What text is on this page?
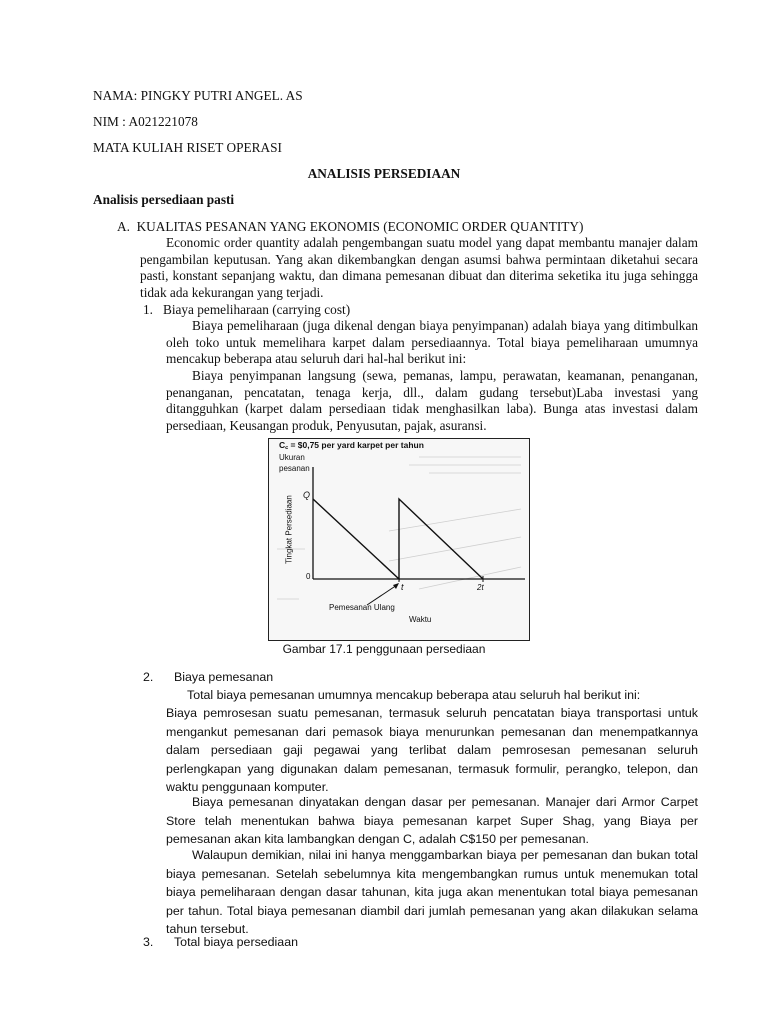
NAMA: PINGKY PUTRI ANGEL. AS
NIM : A021221078
MATA KULIAH RISET OPERASI
ANALISIS PERSEDIAAN
Analisis persediaan pasti
A.  KUALITAS PESANAN YANG EKONOMIS (ECONOMIC ORDER QUANTITY)
Economic order quantity adalah pengembangan suatu model yang dapat membantu manajer dalam pengambilan keputusan. Yang akan dikembangkan dengan asumsi bahwa permintaan diketahui secara pasti, konstant sepanjang waktu, dan dimana pemesanan dibuat dan diterima seketika itu juga sehingga tidak ada kekurangan yang terjadi.
1.   Biaya pemeliharaan (carrying cost)
Biaya pemeliharaan (juga dikenal dengan biaya penyimpanan) adalah biaya yang ditimbulkan oleh toko untuk memelihara karpet dalam persediaannya. Total biaya pemeliharaan umumnya mencakup beberapa atau seluruh dari hal-hal berikut ini:
Biaya penyimpanan langsung (sewa, pemanas, lampu, perawatan, keamanan, penanganan, penanganan, pencatatan, tenaga kerja, dll., dalam gudang tersebut)Laba investasi yang ditangguhkan (karpet dalam persediaan tidak menghasilkan laba). Bunga atas investasi dalam persediaan, Keusangan produk, Penyusutan, pajak, asuransi.
C꜀ = $0,75 per yard karpet per tahun
Ukuran
pesanan
Q
Tingkat Persediaan
0
t	2t
Pemesanan Ulang
Waktu
Gambar 17.1 penggunaan persediaan
2.      Biaya pemesanan
Total biaya pemesanan umumnya mencakup beberapa atau seluruh hal berikut ini:
Biaya pemrosesan suatu pemesanan, termasuk seluruh pencatatan biaya transportasi untuk menganku​t pemesanan dari pemasok biaya menurunkan pemesanan dan menempatkannya dalam persediaan gaji pegawai yang terlibat dalam pemrosesan pemesanan seluruh perlengkapan yang digunakan dalam pemesanan, termasuk formulir, perangko, telepon, dan waktu penggunaan komputer.
Biaya pemesanan dinyatakan dengan dasar per pemesanan. Manajer dari Armor Carpet Store telah menentukan bahwa biaya pemesanan karpet Super Shag, yang Biaya per pemesanan akan kita lambangkan dengan C, adalah C$150 per pemesanan.
Walaupun demikian, nilai ini hanya menggambarkan biaya per pemesanan dan bukan total biaya pemesanan. Setelah sebelumnya kita mengembangkan rumus untuk menemukan total biaya pemeliharaan dengan dasar tahunan, kita juga akan menentukan total biaya pemesanan per tahun. Total biaya pemesanan diambil dari jumlah pemesanan yang akan dilakukan selama tahun tersebut.
3.      Total biaya persediaan
